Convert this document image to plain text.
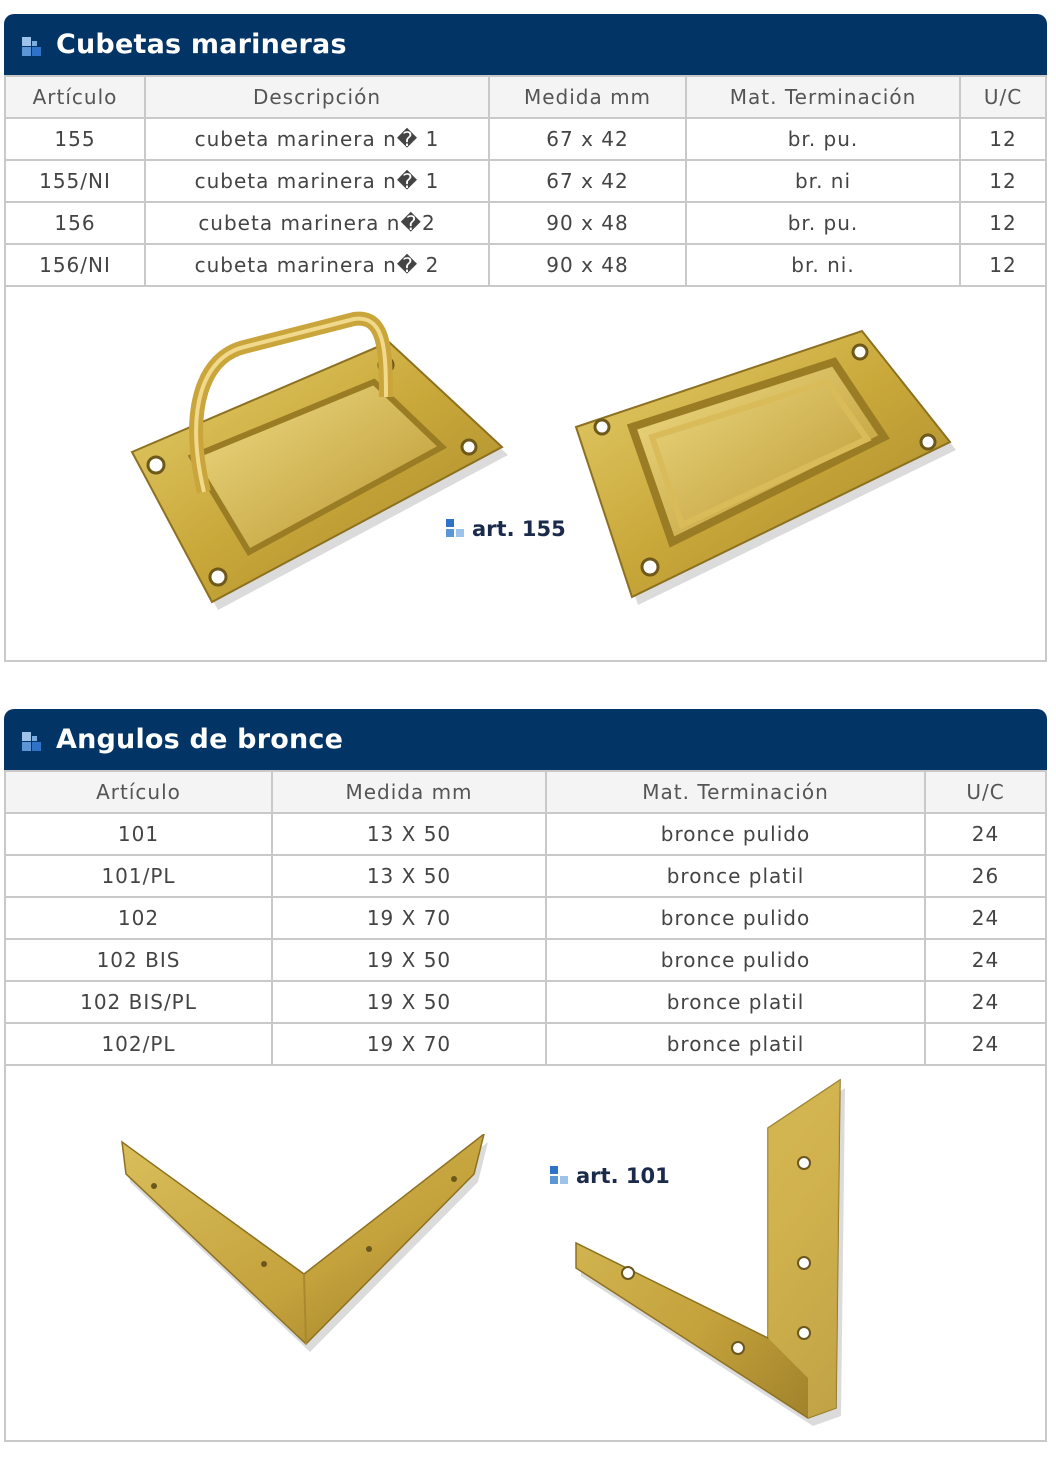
Cubetas marineras
Artículo	Descripción	Medida mm	Mat. Terminación	U/C
155	cubeta marinera n� 1	67 x 42	br. pu.	12
155/NI	cubeta marinera n� 1	67 x 42	br. ni	12
156	cubeta marinera n�2	90 x 48	br. pu.	12
156/NI	cubeta marinera n� 2	90 x 48	br. ni.	12
art. 155
Angulos de bronce
Artículo	Medida mm	Mat. Terminación	U/C
101	13 X 50	bronce pulido	24
101/PL	13 X 50	bronce platil	26
102	19 X 70	bronce pulido	24
102 BIS	19 X 50	bronce pulido	24
102 BIS/PL	19 X 50	bronce platil	24
102/PL	19 X 70	bronce platil	24
art. 101
